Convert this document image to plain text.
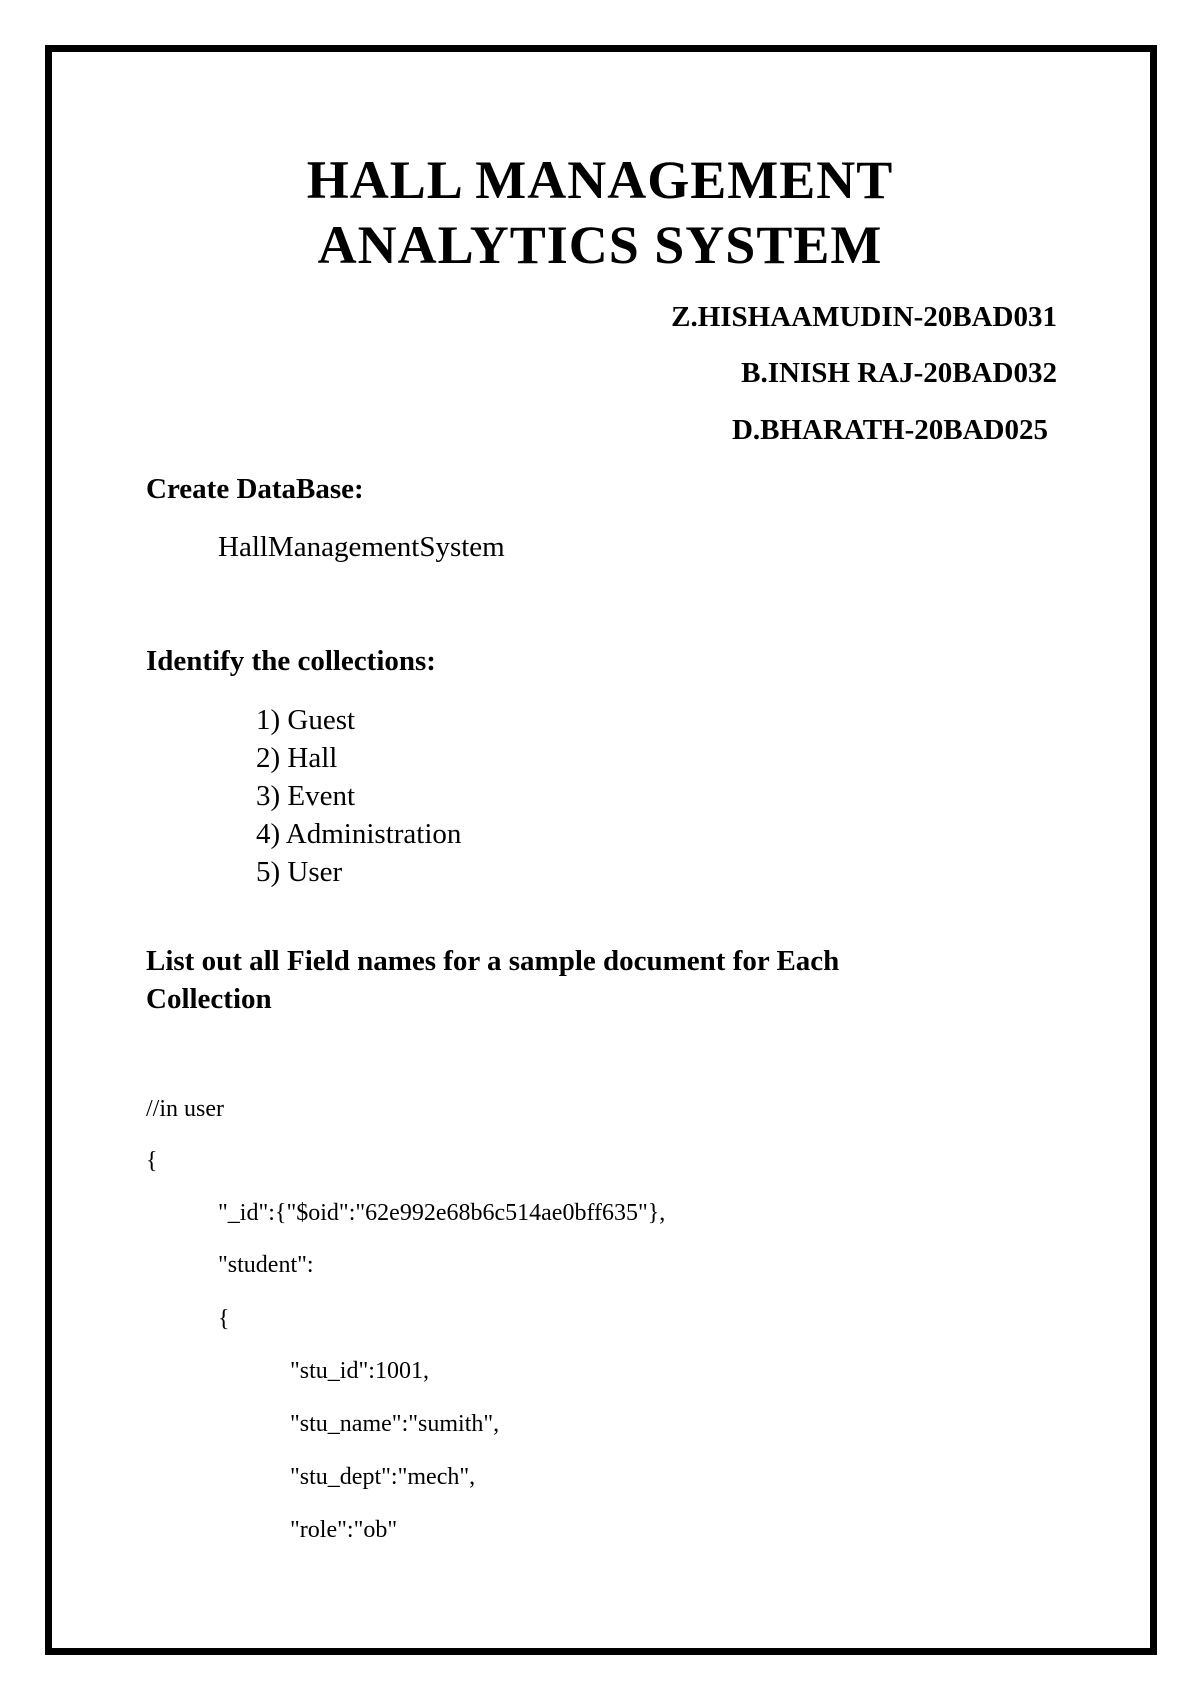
HALL MANAGEMENT
ANALYTICS SYSTEM
Z.HISHAAMUDIN-20BAD031
B.INISH RAJ-20BAD032
D.BHARATH-20BAD025
Create DataBase:
HallManagementSystem
Identify the collections:
1) Guest
2) Hall
3) Event
4) Administration
5) User
List out all Field names for a sample document for Each
Collection
//in user
{
"_id":{"$oid":"62e992e68b6c514ae0bff635"},
"student":
{
"stu_id":1001,
"stu_name":"sumith",
"stu_dept":"mech",
"role":"ob"
